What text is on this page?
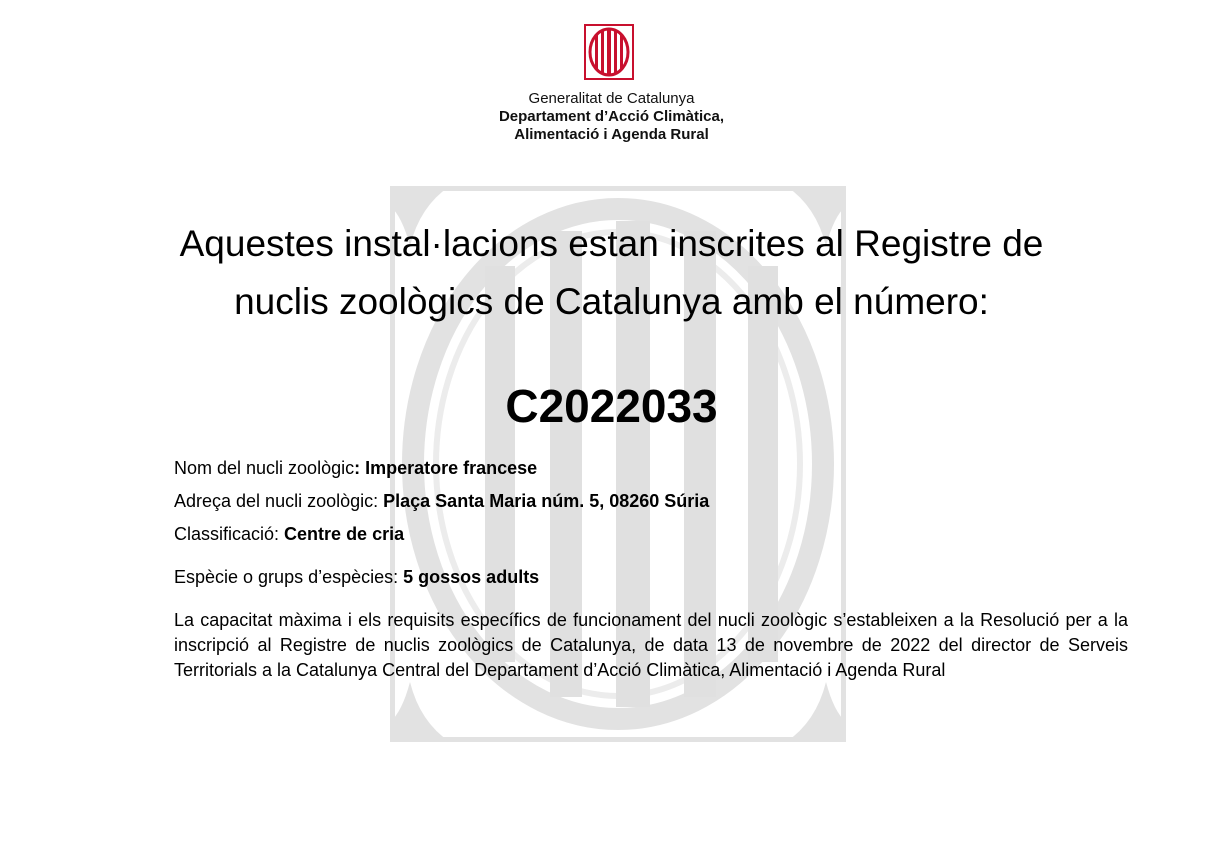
Generalitat de Catalunya
Departament d’Acció Climàtica,
Alimentació i Agenda Rural
Aquestes instal·lacions estan inscrites al Registre de
nuclis zoològics de Catalunya amb el número:
C2022033
Nom del nucli zoològic: Imperatore francese
Adreça del nucli zoològic: Plaça Santa Maria núm. 5, 08260 Súria
Classificació: Centre de cria
Espècie o grups d’espècies: 5 gossos adults
La capacitat màxima i els requisits específics de funcionament del nucli zoològic s’estableixen a la Resolució per a la inscripció al Registre de nuclis zoològics de Catalunya, de data 13 de novembre de 2022 del director de Serveis Territorials a la Catalunya Central del Departament d’Acció Climàtica, Alimentació i Agenda Rural
